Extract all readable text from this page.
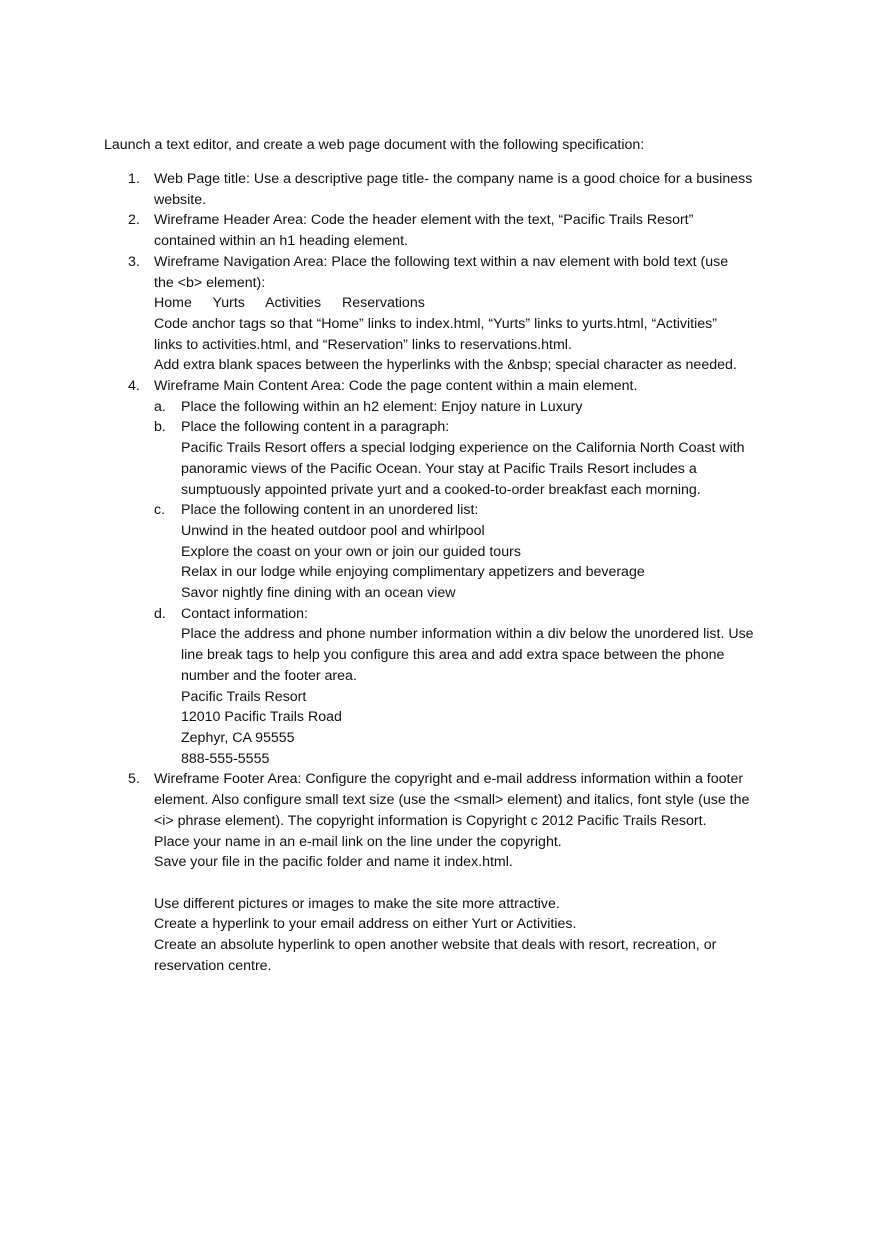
Launch a text editor, and create a web page document with the following specification:
1. Web Page title: Use a descriptive page title- the company name is a good choice for a business
website.
2. Wireframe Header Area: Code the header element with the text, “Pacific Trails Resort”
contained within an h1 heading element.
3. Wireframe Navigation Area: Place the following text within a nav element with bold text (use
the <b> element):
Home Yurts Activities Reservations
Code anchor tags so that “Home” links to index.html, “Yurts” links to yurts.html, “Activities”
links to activities.html, and “Reservation” links to reservations.html.
Add extra blank spaces between the hyperlinks with the &nbsp; special character as needed.
4. Wireframe Main Content Area: Code the page content within a main element.
a. Place the following within an h2 element: Enjoy nature in Luxury
b. Place the following content in a paragraph:
Pacific Trails Resort offers a special lodging experience on the California North Coast with
panoramic views of the Pacific Ocean. Your stay at Pacific Trails Resort includes a
sumptuously appointed private yurt and a cooked-to-order breakfast each morning.
c. Place the following content in an unordered list:
Unwind in the heated outdoor pool and whirlpool
Explore the coast on your own or join our guided tours
Relax in our lodge while enjoying complimentary appetizers and beverage
Savor nightly fine dining with an ocean view
d. Contact information:
Place the address and phone number information within a div below the unordered list. Use
line break tags to help you configure this area and add extra space between the phone
number and the footer area.
Pacific Trails Resort
12010 Pacific Trails Road
Zephyr, CA 95555
888-555-5555
5. Wireframe Footer Area: Configure the copyright and e-mail address information within a footer
element. Also configure small text size (use the <small> element) and italics, font style (use the
<i> phrase element). The copyright information is Copyright c 2012 Pacific Trails Resort.
Place your name in an e-mail link on the line under the copyright.
Save your file in the pacific folder and name it index.html.
Use different pictures or images to make the site more attractive.
Create a hyperlink to your email address on either Yurt or Activities.
Create an absolute hyperlink to open another website that deals with resort, recreation, or
reservation centre.
